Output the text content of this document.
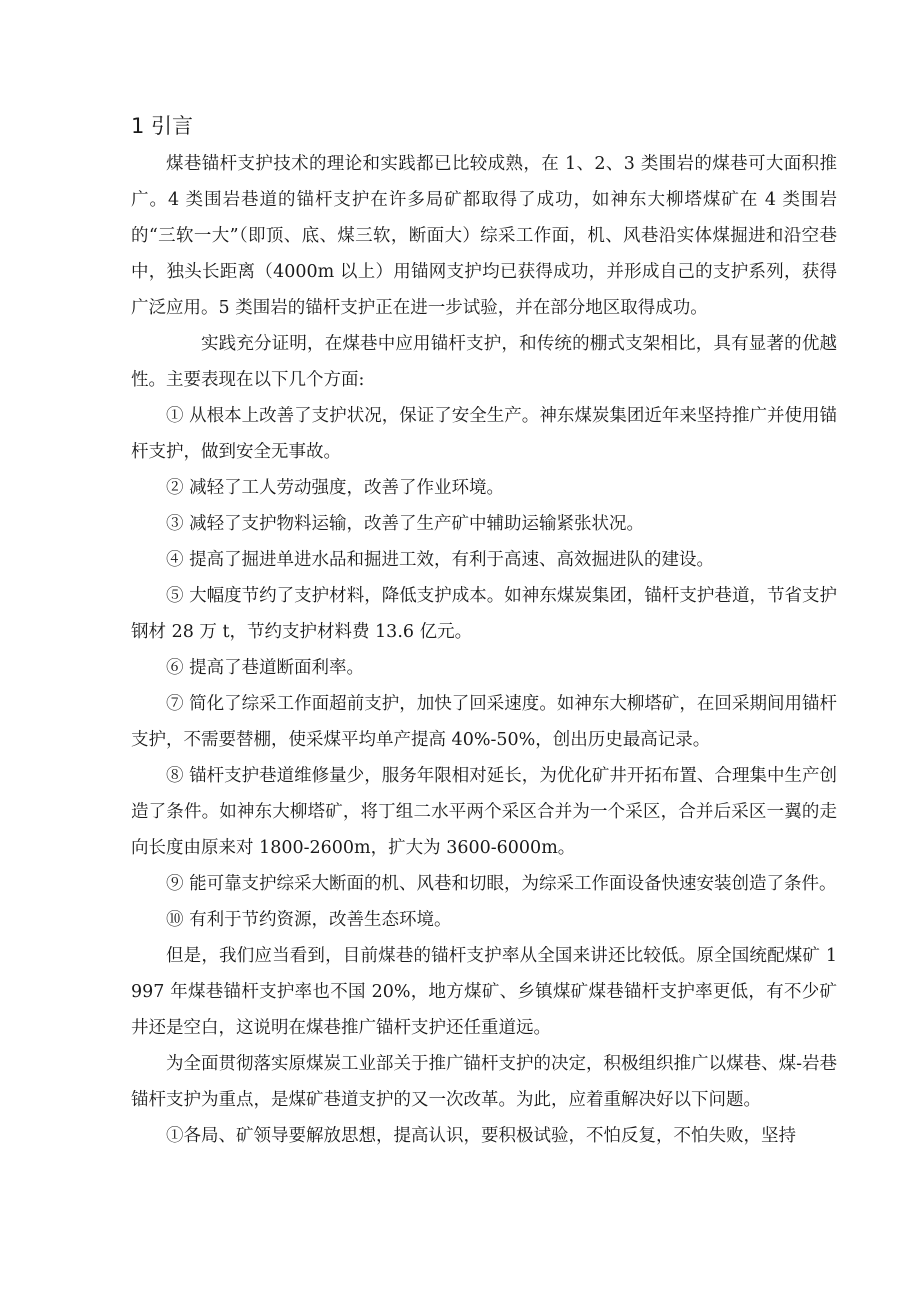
1 引言

煤巷锚杆支护技术的理论和实践都已比较成熟，在 1、2、3 类围岩的煤巷可大面积推广。4 类围岩巷道的锚杆支护在许多局矿都取得了成功，如神东大柳塔煤矿在 4 类围岩的“三软一大”（即顶、底、煤三软，断面大）综采工作面，机、风巷沿实体煤掘进和沿空巷中，独头长距离（4000m 以上）用锚网支护均已获得成功，并形成自己的支护系列，获得广泛应用。5 类围岩的锚杆支护正在进一步试验，并在部分地区取得成功。

实践充分证明，在煤巷中应用锚杆支护，和传统的棚式支架相比，具有显著的优越性。主要表现在以下几个方面:

① 从根本上改善了支护状况，保证了安全生产。神东煤炭集团近年来坚持推广并使用锚杆支护，做到安全无事故。

② 减轻了工人劳动强度，改善了作业环境。

③ 减轻了支护物料运输，改善了生产矿中辅助运输紧张状况。

④ 提高了掘进单进水品和掘进工效，有利于高速、高效掘进队的建设。

⑤ 大幅度节约了支护材料，降低支护成本。如神东煤炭集团，锚杆支护巷道，节省支护钢材 28 万 t，节约支护材料费 13.6 亿元。

⑥ 提高了巷道断面利率。

⑦ 简化了综采工作面超前支护，加快了回采速度。如神东大柳塔矿，在回采期间用锚杆支护，不需要替棚，使采煤平均单产提高 40%-50%，创出历史最高记录。

⑧ 锚杆支护巷道维修量少，服务年限相对延长，为优化矿井开拓布置、合理集中生产创造了条件。如神东大柳塔矿，将丁组二水平两个采区合并为一个采区，合并后采区一翼的走向长度由原来对 1800-2600m，扩大为 3600-6000m。

⑨ 能可靠支护综采大断面的机、风巷和切眼，为综采工作面设备快速安装创造了条件。

⑩ 有利于节约资源，改善生态环境。

但是，我们应当看到，目前煤巷的锚杆支护率从全国来讲还比较低。原全国统配煤矿 1997 年煤巷锚杆支护率也不国 20%，地方煤矿、乡镇煤矿煤巷锚杆支护率更低，有不少矿井还是空白，这说明在煤巷推广锚杆支护还任重道远。

为全面贯彻落实原煤炭工业部关于推广锚杆支护的决定，积极组织推广以煤巷、煤-岩巷锚杆支护为重点，是煤矿巷道支护的又一次改革。为此，应着重解决好以下问题。

①各局、矿领导要解放思想，提高认识，要积极试验，不怕反复，不怕失败，坚持
